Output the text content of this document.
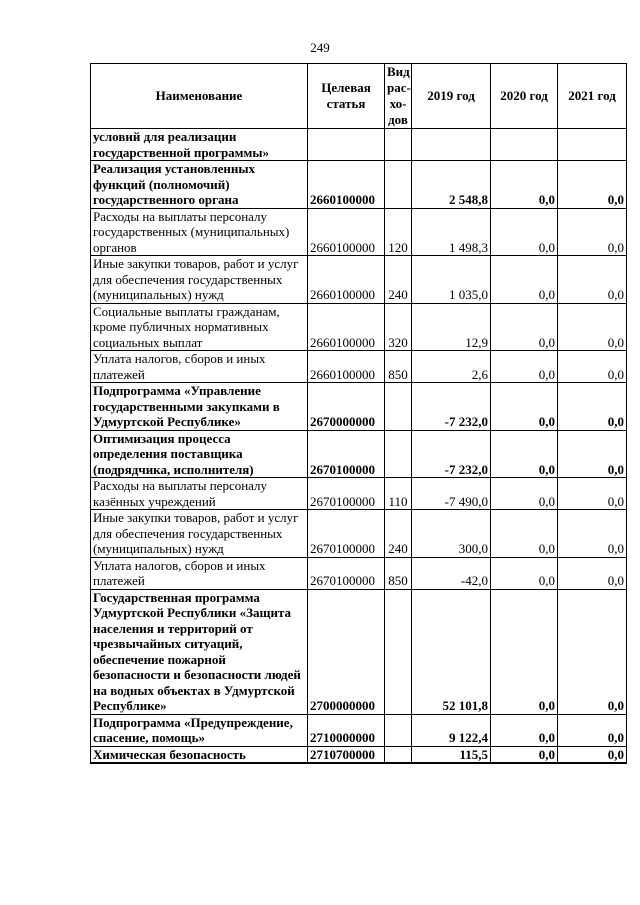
249
Наименование	Целевая статья	Вид рас-хо-дов	2019 год	2020 год	2021 год
условий для реализации государственной программы»					
Реализация установленных функций (полномочий) государственного органа	2660100000		2 548,8	0,0	0,0
Расходы на выплаты персоналу государственных (муниципальных) органов	2660100000	120	1 498,3	0,0	0,0
Иные закупки товаров, работ и услуг для обеспечения государственных (муниципальных) нужд	2660100000	240	1 035,0	0,0	0,0
Социальные выплаты гражданам, кроме публичных нормативных социальных выплат	2660100000	320	12,9	0,0	0,0
Уплата налогов, сборов и иных платежей	2660100000	850	2,6	0,0	0,0
Подпрограмма «Управление государственными закупками в Удмуртской Республике»	2670000000		-7 232,0	0,0	0,0
Оптимизация процесса определения поставщика (подрядчика, исполнителя)	2670100000		-7 232,0	0,0	0,0
Расходы на выплаты персоналу казённых учреждений	2670100000	110	-7 490,0	0,0	0,0
Иные закупки товаров, работ и услуг для обеспечения государственных (муниципальных) нужд	2670100000	240	300,0	0,0	0,0
Уплата налогов, сборов и иных платежей	2670100000	850	-42,0	0,0	0,0
Государственная программа Удмуртской Республики «Защита населения и территорий от чрезвычайных ситуаций, обеспечение пожарной безопасности и безопасности людей на водных объектах в Удмуртской Республике»	2700000000		52 101,8	0,0	0,0
Подпрограмма «Предупреждение, спасение, помощь»	2710000000		9 122,4	0,0	0,0
Химическая безопасность	2710700000		115,5	0,0	0,0
